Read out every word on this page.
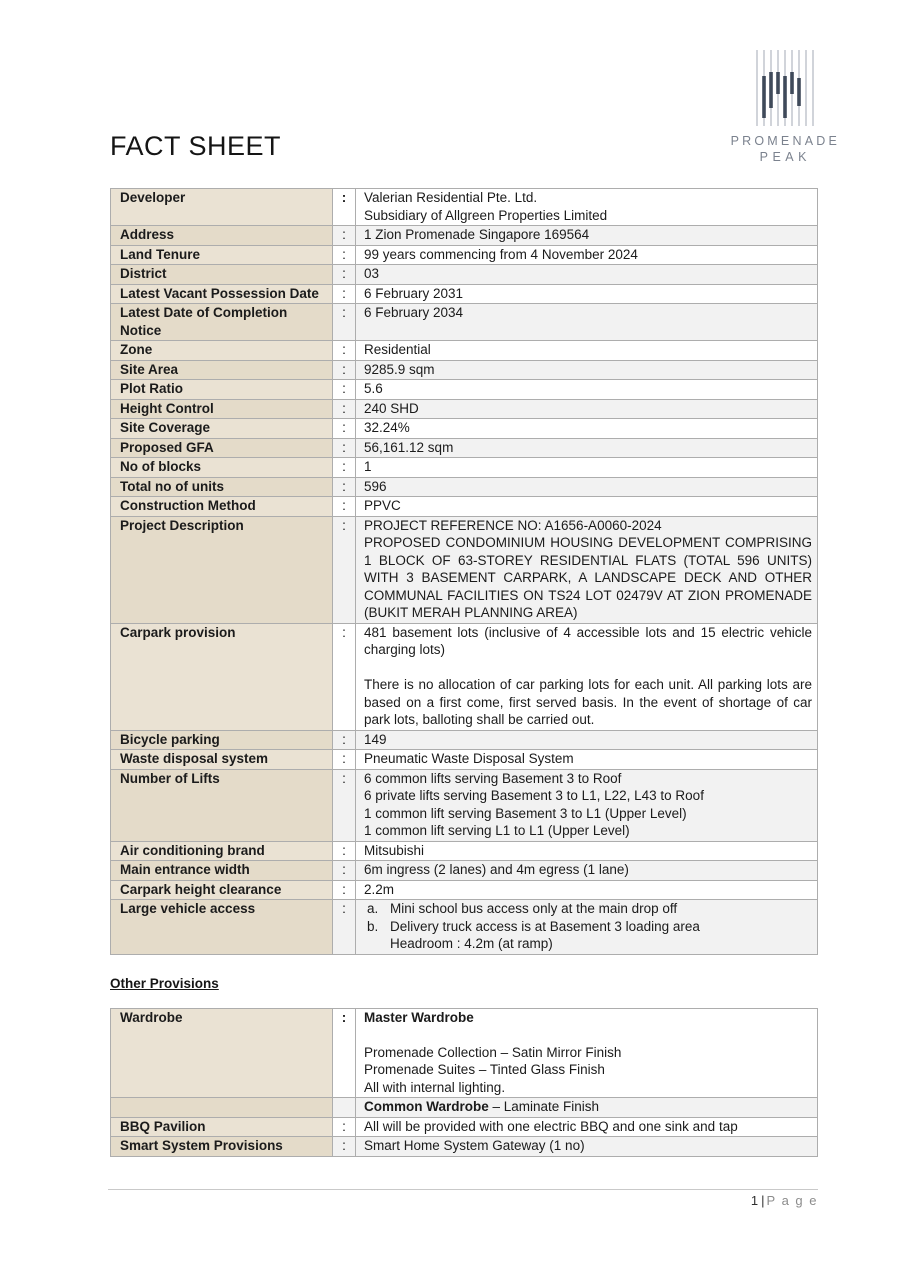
FACT SHEET	PROMENADE
PEAK
Developer	:	Valerian Residential Pte. Ltd.
Subsidiary of Allgreen Properties Limited

Address	:	1 Zion Promenade Singapore 169564

Land Tenure	:	99 years commencing from 4 November 2024

District	:	03

Latest Vacant Possession Date	:	6 February 2031

Latest Date of Completion Notice	:	6 February 2034

Zone	:	Residential

Site Area	:	9285.9 sqm

Plot Ratio	:	5.6

Height Control	:	240 SHD

Site Coverage	:	32.24%

Proposed GFA	:	56,161.12 sqm

No of blocks	:	1

Total no of units	:	596

Construction Method	:	PPVC

Project Description	:	PROJECT REFERENCE NO: A1656-A0060-2024
PROPOSED CONDOMINIUM HOUSING DEVELOPMENT COMPRISING 1 BLOCK OF 63-STOREY RESIDENTIAL FLATS (TOTAL 596 UNITS) WITH 3 BASEMENT CARPARK, A LANDSCAPE DECK AND OTHER COMMUNAL FACILITIES ON TS24 LOT 02479V AT ZION PROMENADE (BUKIT MERAH PLANNING AREA)

Carpark provision	:	481 basement lots (inclusive of 4 accessible lots and 15 electric vehicle charging lots)

There is no allocation of car parking lots for each unit. All parking lots are based on a first come, first served basis. In the event of shortage of car park lots, balloting shall be carried out.

Bicycle parking	:	149

Waste disposal system	:	Pneumatic Waste Disposal System

Number of Lifts	:	6 common lifts serving Basement 3 to Roof
6 private lifts serving Basement 3 to L1, L22, L43 to Roof
1 common lift serving Basement 3 to L1 (Upper Level)
1 common lift serving L1 to L1 (Upper Level)

Air conditioning brand	:	Mitsubishi

Main entrance width	:	6m ingress (2 lanes) and 4m egress (1 lane)

Carpark height clearance	:	2.2m

Large vehicle access	:	a. Mini school bus access only at the main drop off
b. Delivery truck access is at Basement 3 loading area
Headroom : 4.2m (at ramp)
Other Provisions
Wardrobe	:	Master Wardrobe

Promenade Collection – Satin Mirror Finish
Promenade Suites – Tinted Glass Finish
All with internal lighting.

		Common Wardrobe – Laminate Finish

BBQ Pavilion	:	All will be provided with one electric BBQ and one sink and tap

Smart System Provisions	:	Smart Home System Gateway (1 no)
1 | P a g e
